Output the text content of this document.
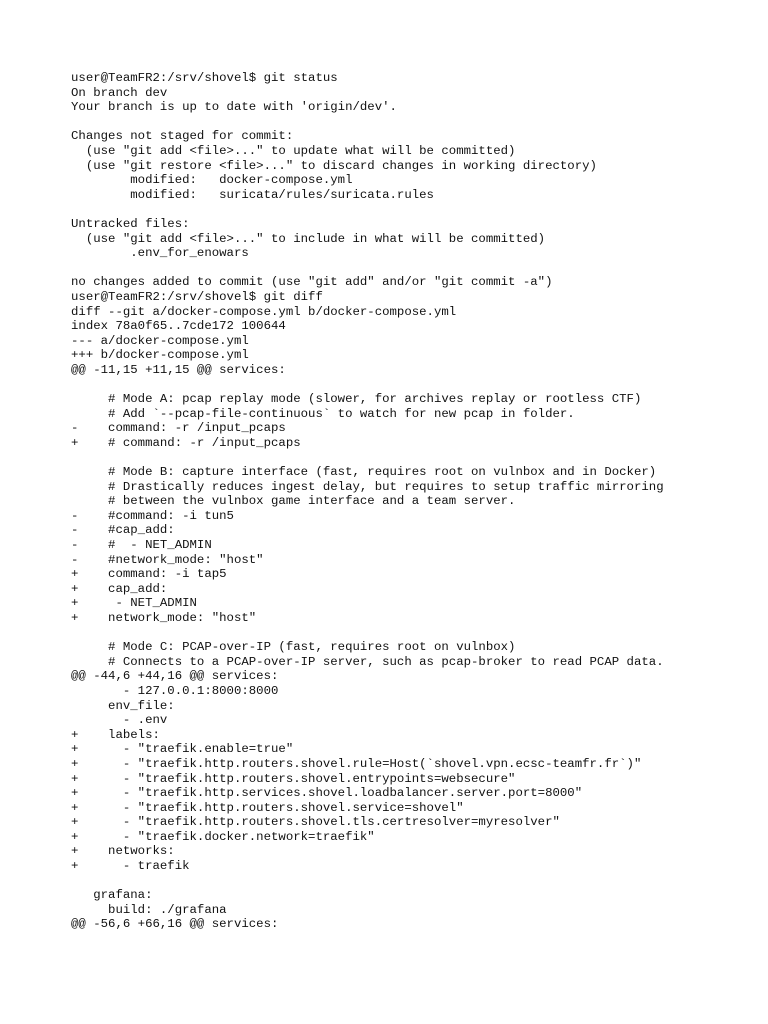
user@TeamFR2:/srv/shovel$ git status
On branch dev
Your branch is up to date with 'origin/dev'.

Changes not staged for commit:
(use "git add <file>..." to update what will be committed)
(use "git restore <file>..." to discard changes in working directory)
modified:   docker-compose.yml
modified:   suricata/rules/suricata.rules

Untracked files:
(use "git add <file>..." to include in what will be committed)
.env_for_enowars

no changes added to commit (use "git add" and/or "git commit -a")
user@TeamFR2:/srv/shovel$ git diff
diff --git a/docker-compose.yml b/docker-compose.yml
index 78a0f65..7cde172 100644
--- a/docker-compose.yml
+++ b/docker-compose.yml
@@ -11,15 +11,15 @@ services:

# Mode A: pcap replay mode (slower, for archives replay or rootless CTF)
# Add `--pcap-file-continuous` to watch for new pcap in folder.
-    command: -r /input_pcaps
+    # command: -r /input_pcaps

# Mode B: capture interface (fast, requires root on vulnbox and in Docker)
# Drastically reduces ingest delay, but requires to setup traffic mirroring
# between the vulnbox game interface and a team server.
-    #command: -i tun5
-    #cap_add:
-    #  - NET_ADMIN
-    #network_mode: "host"
+    command: -i tap5
+    cap_add:
+     - NET_ADMIN
+    network_mode: "host"

# Mode C: PCAP-over-IP (fast, requires root on vulnbox)
# Connects to a PCAP-over-IP server, such as pcap-broker to read PCAP data.
@@ -44,6 +44,16 @@ services:
- 127.0.0.1:8000:8000
env_file:
- .env
+    labels:
+      - "traefik.enable=true"
+      - "traefik.http.routers.shovel.rule=Host(`shovel.vpn.ecsc-teamfr.fr`)"
+      - "traefik.http.routers.shovel.entrypoints=websecure"
+      - "traefik.http.services.shovel.loadbalancer.server.port=8000"
+      - "traefik.http.routers.shovel.service=shovel"
+      - "traefik.http.routers.shovel.tls.certresolver=myresolver"
+      - "traefik.docker.network=traefik"
+    networks:
+      - traefik

grafana:
build: ./grafana
@@ -56,6 +66,16 @@ services:
